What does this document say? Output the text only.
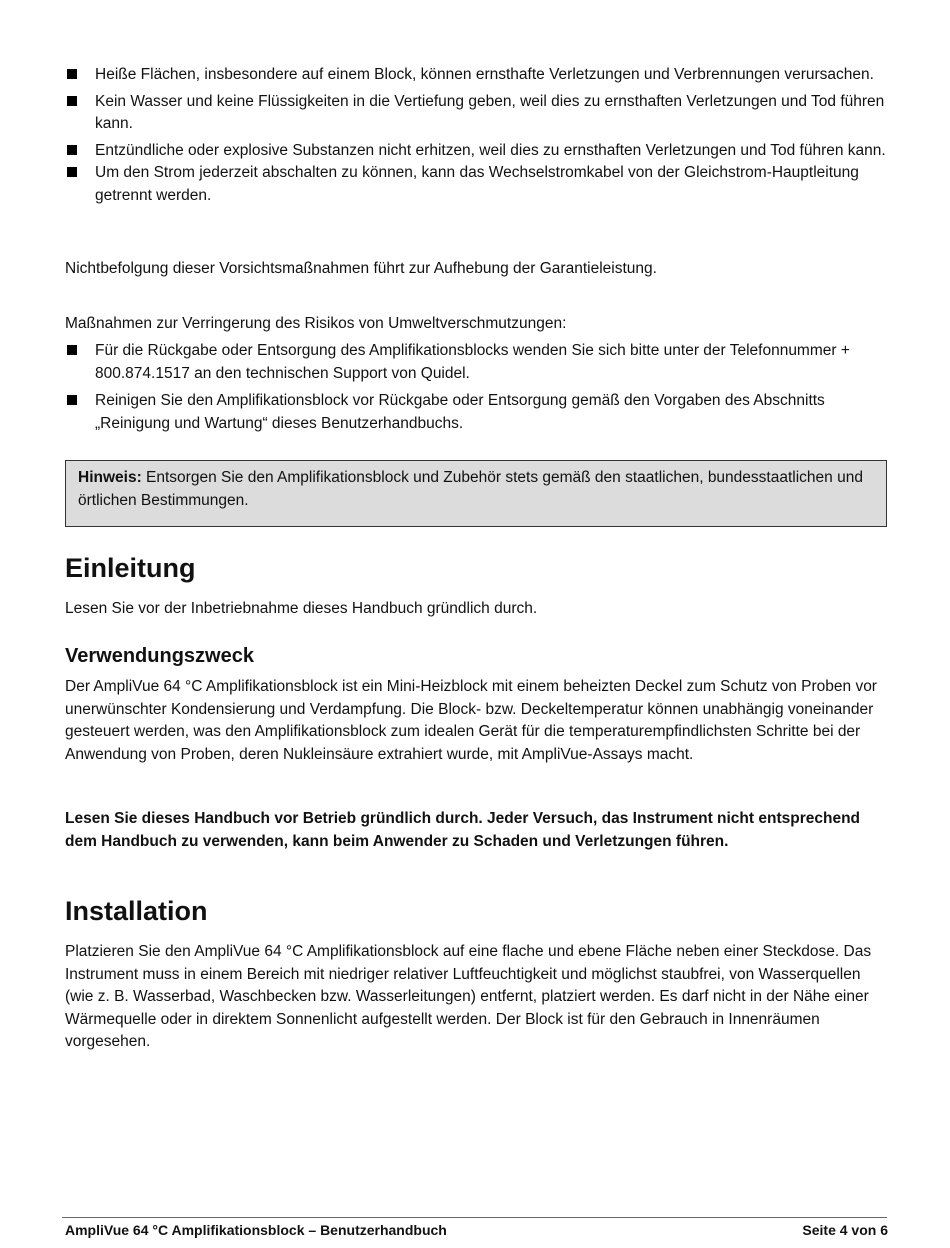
Heiße Flächen, insbesondere auf einem Block, können ernsthafte Verletzungen und Verbrennungen verursachen.
Kein Wasser und keine Flüssigkeiten in die Vertiefung geben, weil dies zu ernsthaften Verletzungen und Tod führen kann.
Entzündliche oder explosive Substanzen nicht erhitzen, weil dies zu ernsthaften Verletzungen und Tod führen kann.
Um den Strom jederzeit abschalten zu können, kann das Wechselstromkabel von der Gleichstrom-Hauptleitung getrennt werden.

Nichtbefolgung dieser Vorsichtsmaßnahmen führt zur Aufhebung der Garantieleistung.

Maßnahmen zur Verringerung des Risikos von Umweltverschmutzungen:

Für die Rückgabe oder Entsorgung des Amplifikationsblocks wenden Sie sich bitte unter der Telefonnummer + 800.874.1517 an den technischen Support von Quidel.
Reinigen Sie den Amplifikationsblock vor Rückgabe oder Entsorgung gemäß den Vorgaben des Abschnitts „Reinigung und Wartung“ dieses Benutzerhandbuchs.
Hinweis: Entsorgen Sie den Amplifikationsblock und Zubehör stets gemäß den staatlichen, bundesstaatlichen und örtlichen Bestimmungen.
Einleitung

Lesen Sie vor der Inbetriebnahme dieses Handbuch gründlich durch.

Verwendungszweck

Der AmpliVue 64 °C Amplifikationsblock ist ein Mini-Heizblock mit einem beheizten Deckel zum Schutz von Proben vor unerwünschter Kondensierung und Verdampfung. Die Block- bzw. Deckeltemperatur können unabhängig voneinander gesteuert werden, was den Amplifikationsblock zum idealen Gerät für die temperaturempfindlichsten Schritte bei der Anwendung von Proben, deren Nukleinsäure extrahiert wurde, mit AmpliVue-Assays macht.

Lesen Sie dieses Handbuch vor Betrieb gründlich durch. Jeder Versuch, das Instrument nicht entsprechend dem Handbuch zu verwenden, kann beim Anwender zu Schaden und Verletzungen führen.

Installation

Platzieren Sie den AmpliVue 64 °C Amplifikationsblock auf eine flache und ebene Fläche neben einer Steckdose. Das Instrument muss in einem Bereich mit niedriger relativer Luftfeuchtigkeit und möglichst staubfrei, von Wasserquellen (wie z. B. Wasserbad, Waschbecken bzw. Wasserleitungen) entfernt, platziert werden. Es darf nicht in der Nähe einer Wärmequelle oder in direktem Sonnenlicht aufgestellt werden. Der Block ist für den Gebrauch in Innenräumen vorgesehen.

AmpliVue 64 °C Amplifikationsblock – Benutzerhandbuch	Seite 4 von 6
